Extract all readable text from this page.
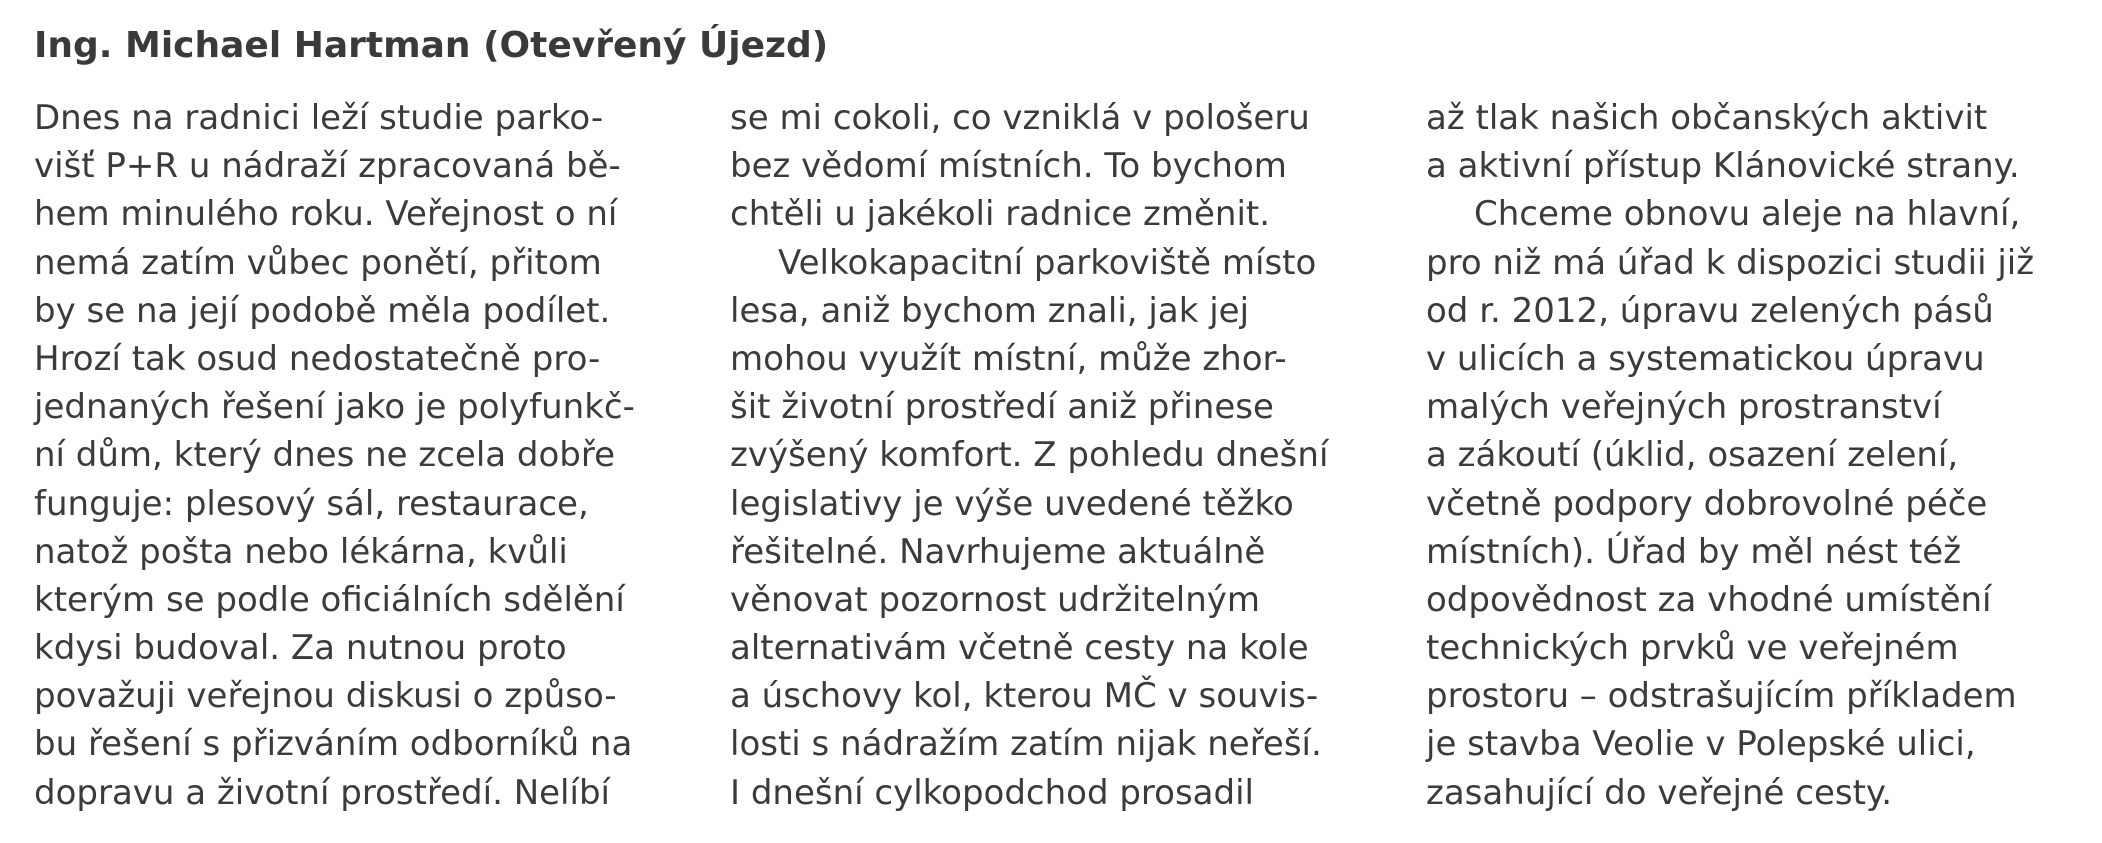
Ing. Michael Hartman (Otevřený Újezd)
Dnes na radnici leží studie parko-
višť P+R u nádraží zpracovaná bě-
hem minulého roku. Veřejnost o ní
nemá zatím vůbec ponětí, přitom
by se na její podobě měla podílet.
Hrozí tak osud nedostatečně pro-
jednaných řešení jako je polyfunkč-
ní dům, který dnes ne zcela dobře
funguje: plesový sál, restaurace,
natož pošta nebo lékárna, kvůli
kterým se podle oficiálních sdělění
kdysi budoval. Za nutnou proto
považuji veřejnou diskusi o způso-
bu řešení s přizváním odborníků na
dopravu a životní prostředí. Nelíbí
se mi cokoli, co vzniklá v pološeru
bez vědomí místních. To bychom
chtěli u jakékoli radnice změnit.
Velkokapacitní parkoviště místo
lesa, aniž bychom znali, jak jej
mohou využít místní, může zhor-
šit životní prostředí aniž přinese
zvýšený komfort. Z pohledu dnešní
legislativy je výše uvedené těžko
řešitelné. Navrhujeme aktuálně
věnovat pozornost udržitelným
alternativám včetně cesty na kole
a úschovy kol, kterou MČ v souvis-
losti s nádražím zatím nijak neřeší.
I dnešní cylkopodchod prosadil
až tlak našich občanských aktivit
a aktivní přístup Klánovické strany.
Chceme obnovu aleje na hlavní,
pro niž má úřad k dispozici studii již
od r. 2012, úpravu zelených pásů
v ulicích a systematickou úpravu
malých veřejných prostranství
a zákoutí (úklid, osazení zelení,
včetně podpory dobrovolné péče
místních). Úřad by měl nést též
odpovědnost za vhodné umístění
technických prvků ve veřejném
prostoru – odstrašujícím příkladem
je stavba Veolie v Polepské ulici,
zasahující do veřejné cesty.
